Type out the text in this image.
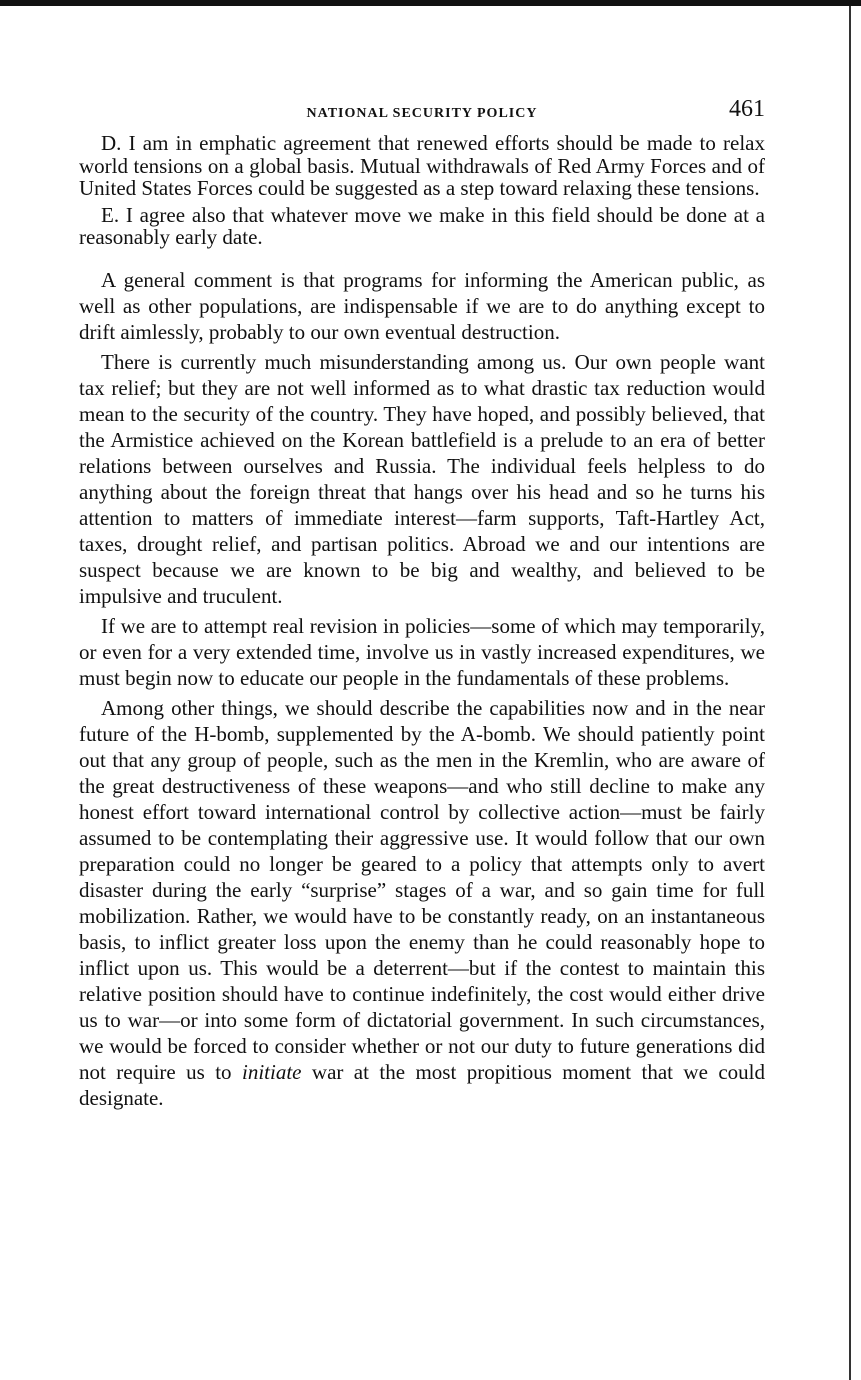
NATIONAL SECURITY POLICY	461

D. I am in emphatic agreement that renewed efforts should be made to relax world tensions on a global basis. Mutual withdrawals of Red Army Forces and of United States Forces could be suggested as a step toward relaxing these tensions.

E. I agree also that whatever move we make in this field should be done at a reasonably early date.

A general comment is that programs for informing the American public, as well as other populations, are indispensable if we are to do anything except to drift aimlessly, probably to our own eventual destruction.

There is currently much misunderstanding among us. Our own people want tax relief; but they are not well informed as to what drastic tax reduction would mean to the security of the country. They have hoped, and possibly believed, that the Armistice achieved on the Korean battlefield is a prelude to an era of better relations between ourselves and Russia. The individual feels helpless to do anything about the foreign threat that hangs over his head and so he turns his attention to matters of immediate interest—farm supports, Taft-Hartley Act, taxes, drought relief, and partisan politics. Abroad we and our intentions are suspect because we are known to be big and wealthy, and believed to be impulsive and truculent.

If we are to attempt real revision in policies—some of which may temporarily, or even for a very extended time, involve us in vastly increased expenditures, we must begin now to educate our people in the fundamentals of these problems.

Among other things, we should describe the capabilities now and in the near future of the H-bomb, supplemented by the A-bomb. We should patiently point out that any group of people, such as the men in the Kremlin, who are aware of the great destructiveness of these weapons—and who still decline to make any honest effort toward international control by collective action—must be fairly assumed to be contemplating their aggressive use. It would follow that our own preparation could no longer be geared to a policy that attempts only to avert disaster during the early “surprise” stages of a war, and so gain time for full mobilization. Rather, we would have to be constantly ready, on an instantaneous basis, to inflict greater loss upon the enemy than he could reasonably hope to inflict upon us. This would be a deterrent—but if the contest to maintain this relative position should have to continue indefinitely, the cost would either drive us to war—or into some form of dictatorial government. In such circumstances, we would be forced to consider whether or not our duty to future generations did not require us to initiate war at the most propitious moment that we could designate.
